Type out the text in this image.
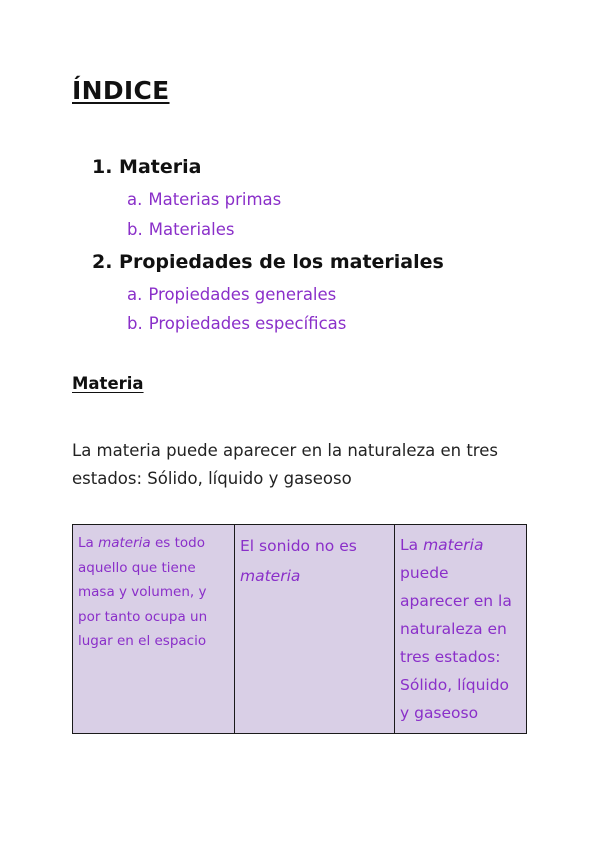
ÍNDICE
1. Materia
a. Materias primas
b. Materiales
2. Propiedades de los materiales
a. Propiedades generales
b. Propiedades específicas
Materia
La materia puede aparecer en la naturaleza en tres estados: Sólido, líquido y gaseoso
La materia es todo aquello que tiene masa y volumen, y por tanto ocupa un lugar en el espacio	El sonido no es materia	La materia puede aparecer en la naturaleza en tres estados: Sólido, líquido y gaseoso
